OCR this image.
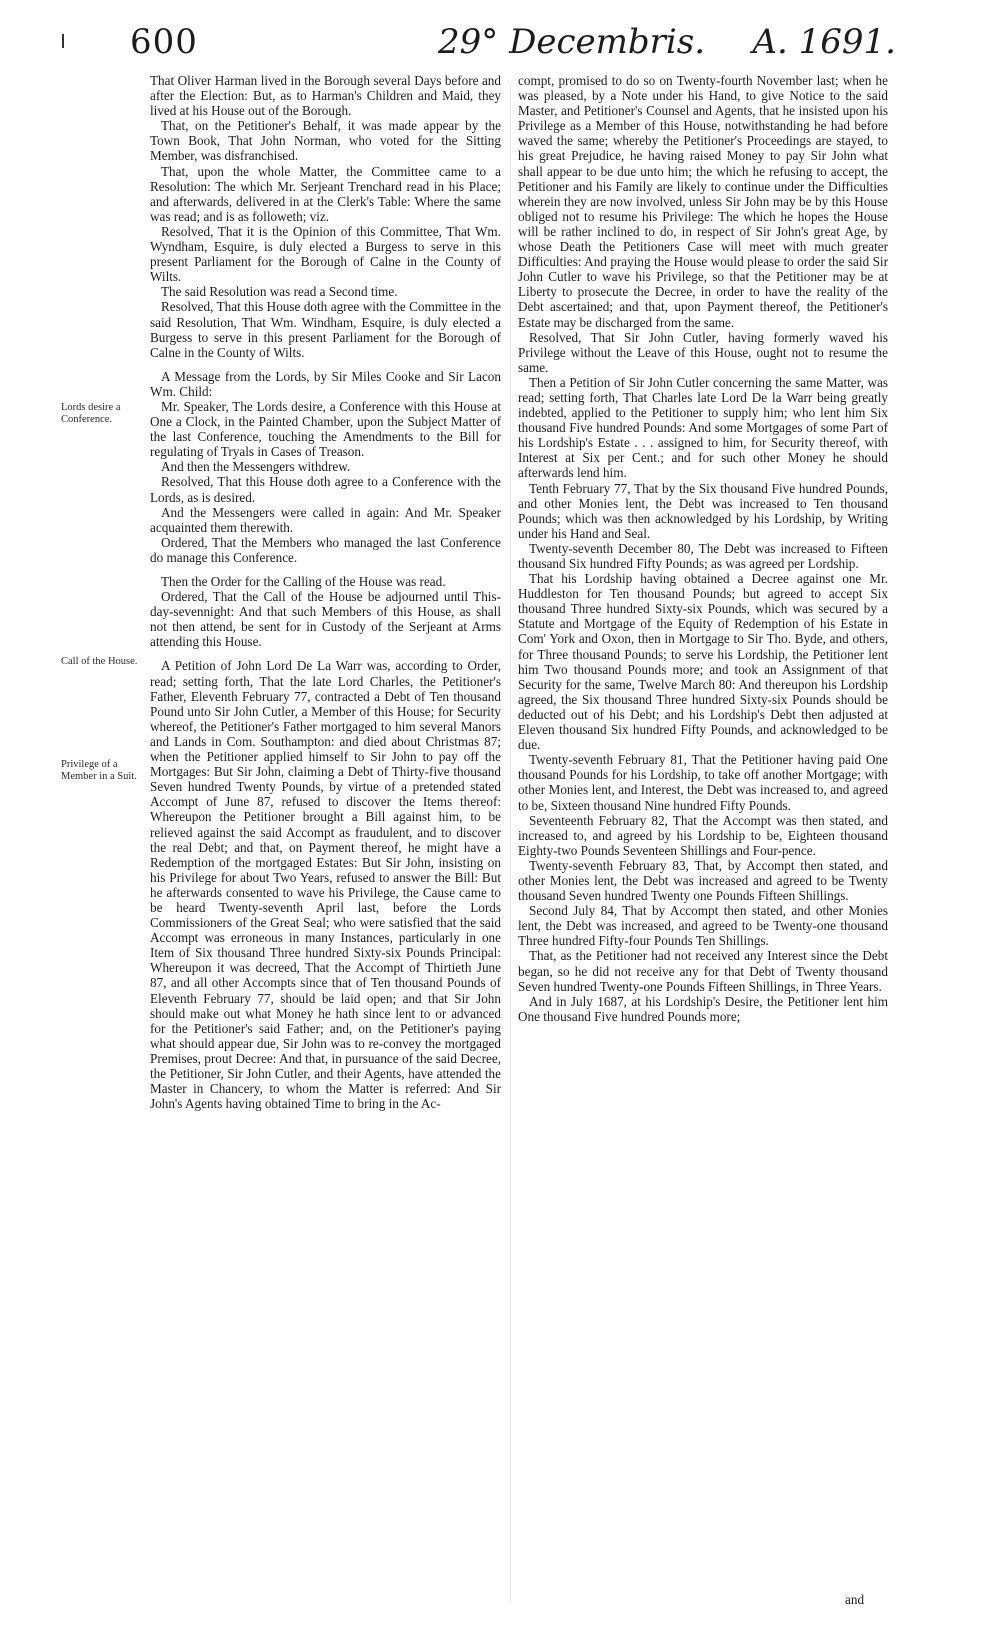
600	29° Decembris. A. 1691.
Lords desire a Conference.
Call of the House.
Privilege of a Member in a Suit.

That Oliver Harman lived in the Borough several Days before and after the Election: But, as to Harman's Children and Maid, they lived at his House out of the Borough.

That, on the Petitioner's Behalf, it was made appear by the Town Book, That John Norman, who voted for the Sitting Member, was disfranchised.

That, upon the whole Matter, the Committee came to a Resolution: The which Mr. Serjeant Trenchard read in his Place; and afterwards, delivered in at the Clerk's Table: Where the same was read; and is as followeth; viz.

Resolved, That it is the Opinion of this Committee, That Wm. Wyndham, Esquire, is duly elected a Burgess to serve in this present Parliament for the Borough of Calne in the County of Wilts.

The said Resolution was read a Second time.

Resolved, That this House doth agree with the Committee in the said Resolution, That Wm. Windham, Esquire, is duly elected a Burgess to serve in this present Parliament for the Borough of Calne in the County of Wilts.

A Message from the Lords, by Sir Miles Cooke and Sir Lacon Wm. Child:

Mr. Speaker, The Lords desire, a Conference with this House at One a Clock, in the Painted Chamber, upon the Subject Matter of the last Conference, touching the Amendments to the Bill for regulating of Tryals in Cases of Treason.

And then the Messengers withdrew.

Resolved, That this House doth agree to a Conference with the Lords, as is desired.

And the Messengers were called in again: And Mr. Speaker acquainted them therewith.

Ordered, That the Members who managed the last Conference do manage this Conference.

Then the Order for the Calling of the House was read.

Ordered, That the Call of the House be adjourned until This-day-sevennight: And that such Members of this House, as shall not then attend, be sent for in Custody of the Serjeant at Arms attending this House.

A Petition of John Lord De La Warr was, according to Order, read; setting forth, That the late Lord Charles, the Petitioner's Father, Eleventh February 77, contracted a Debt of Ten thousand Pound unto Sir John Cutler, a Member of this House; for Security whereof, the Petitioner's Father mortgaged to him several Manors and Lands in Com. Southampton: and died about Christmas 87; when the Petitioner applied himself to Sir John to pay off the Mortgages: But Sir John, claiming a Debt of Thirty-five thousand Seven hundred Twenty Pounds, by virtue of a pretended stated Accompt of June 87, refused to discover the Items thereof: Whereupon the Petitioner brought a Bill against him, to be relieved against the said Accompt as fraudulent, and to discover the real Debt; and that, on Payment thereof, he might have a Redemption of the mortgaged Estates: But Sir John, insisting on his Privilege for about Two Years, refused to answer the Bill: But he afterwards consented to wave his Privilege, the Cause came to be heard Twenty-seventh April last, before the Lords Commissioners of the Great Seal; who were satisfied that the said Accompt was erroneous in many Instances, particularly in one Item of Six thousand Three hundred Sixty-six Pounds Principal: Whereupon it was decreed, That the Accompt of Thirtieth June 87, and all other Accompts since that of Ten thousand Pounds of Eleventh February 77, should be laid open; and that Sir John should make out what Money he hath since lent to or advanced for the Petitioner's said Father; and, on the Petitioner's paying what should appear due, Sir John was to re-convey the mortgaged Premises, prout Decree: And that, in pursuance of the said Decree, the Petitioner, Sir John Cutler, and their Agents, have attended the Master in Chancery, to whom the Matter is referred: And Sir John's Agents having obtained Time to bring in the Ac-

compt, promised to do so on Twenty-fourth November last; when he was pleased, by a Note under his Hand, to give Notice to the said Master, and Petitioner's Counsel and Agents, that he insisted upon his Privilege as a Member of this House, notwithstanding he had before waved the same; whereby the Petitioner's Proceedings are stayed, to his great Prejudice, he having raised Money to pay Sir John what shall appear to be due unto him; the which he refusing to accept, the Petitioner and his Family are likely to continue under the Difficulties wherein they are now involved, unless Sir John may be by this House obliged not to resume his Privilege: The which he hopes the House will be rather inclined to do, in respect of Sir John's great Age, by whose Death the Petitioners Case will meet with much greater Difficulties: And praying the House would please to order the said Sir John Cutler to wave his Privilege, so that the Petitioner may be at Liberty to prosecute the Decree, in order to have the reality of the Debt ascertained; and that, upon Payment thereof, the Petitioner's Estate may be discharged from the same.

Resolved, That Sir John Cutler, having formerly waved his Privilege without the Leave of this House, ought not to resume the same.

Then a Petition of Sir John Cutler concerning the same Matter, was read; setting forth, That Charles late Lord De la Warr being greatly indebted, applied to the Petitioner to supply him; who lent him Six thousand Five hundred Pounds: And some Mortgages of some Part of his Lordship's Estate . . . assigned to him, for Security thereof, with Interest at Six per Cent.; and for such other Money he should afterwards lend him.

Tenth February 77, That by the Six thousand Five hundred Pounds, and other Monies lent, the Debt was increased to Ten thousand Pounds; which was then acknowledged by his Lordship, by Writing under his Hand and Seal.

Twenty-seventh December 80, The Debt was increased to Fifteen thousand Six hundred Fifty Pounds; as was agreed per Lordship.

That his Lordship having obtained a Decree against one Mr. Huddleston for Ten thousand Pounds; but agreed to accept Six thousand Three hundred Sixty-six Pounds, which was secured by a Statute and Mortgage of the Equity of Redemption of his Estate in Com' York and Oxon, then in Mortgage to Sir Tho. Byde, and others, for Three thousand Pounds; to serve his Lordship, the Petitioner lent him Two thousand Pounds more; and took an Assignment of that Security for the same, Twelve March 80: And thereupon his Lordship agreed, the Six thousand Three hundred Sixty-six Pounds should be deducted out of his Debt; and his Lordship's Debt then adjusted at Eleven thousand Six hundred Fifty Pounds, and acknowledged to be due.

Twenty-seventh February 81, That the Petitioner having paid One thousand Pounds for his Lordship, to take off another Mortgage; with other Monies lent, and Interest, the Debt was increased to, and agreed to be, Sixteen thousand Nine hundred Fifty Pounds.

Seventeenth February 82, That the Accompt was then stated, and increased to, and agreed by his Lordship to be, Eighteen thousand Eighty-two Pounds Seventeen Shillings and Four-pence.

Twenty-seventh February 83, That, by Accompt then stated, and other Monies lent, the Debt was increased and agreed to be Twenty thousand Seven hundred Twenty one Pounds Fifteen Shillings.

Second July 84, That by Accompt then stated, and other Monies lent, the Debt was increased, and agreed to be Twenty-one thousand Three hundred Fifty-four Pounds Ten Shillings.

That, as the Petitioner had not received any Interest since the Debt began, so he did not receive any for that Debt of Twenty thousand Seven hundred Twenty-one Pounds Fifteen Shillings, in Three Years.

And in July 1687, at his Lordship's Desire, the Petitioner lent him One thousand Five hundred Pounds more;

and
